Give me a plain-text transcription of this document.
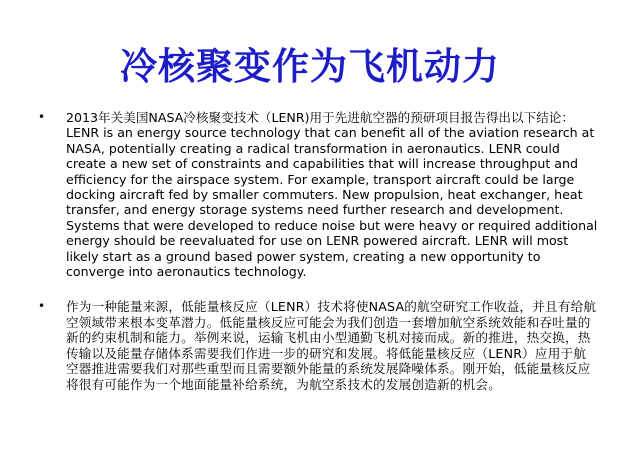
冷核聚变作为飞机动力
• 2013年关美国NASA冷核聚变技术（LENR)用于先进航空器的预研项目报告得出以下结论：LENR is an energy source technology that can benefit all of the aviation research at NASA, potentially creating a radical transformation in aeronautics. LENR could create a new set of constraints and capabilities that will increase throughput and efficiency for the airspace system. For example, transport aircraft could be large docking aircraft fed by smaller commuters. New propulsion, heat exchanger, heat transfer, and energy storage systems need further research and development. Systems that were developed to reduce noise but were heavy or required additional energy should be reevaluated for use on LENR powered aircraft. LENR will most likely start as a ground based power system, creating a new opportunity to converge into aeronautics technology.
• 作为一种能量来源，低能量核反应（LENR）技术将使NASA的航空研究工作收益，并且有给航空领域带来根本变革潜力。低能量核反应可能会为我们创造一套增加航空系统效能和吞吐量的新的约束机制和能力。举例来说，运输飞机由小型通勤飞机对接而成。新的推进，热交换，热传输以及能量存储体系需要我们作进一步的研究和发展。将低能量核反应（LENR）应用于航空器推进需要我们对那些重型而且需要额外能量的系统发展降噪体系。刚开始，低能量核反应将很有可能作为一个地面能量补给系统，为航空系技术的发展创造新的机会。
